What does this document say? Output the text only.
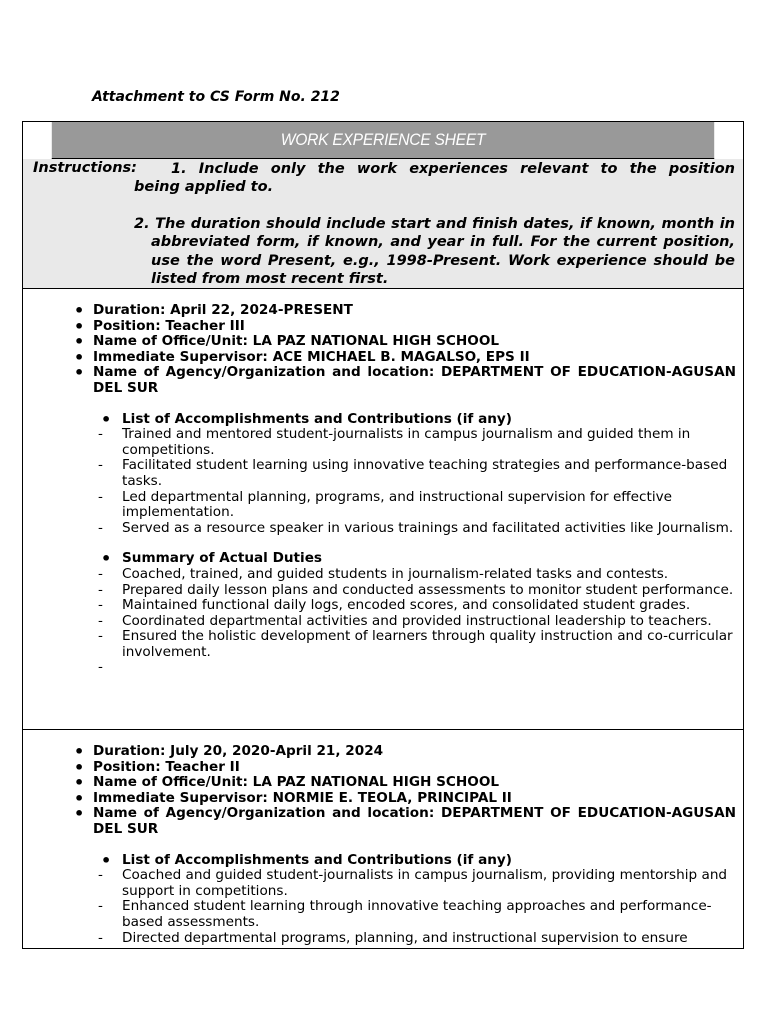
Attachment to CS Form No. 212
WORK EXPERIENCE SHEET
Instructions: 1. Include only the work experiences relevant to the position
being applied to.
2. The duration should include start and finish dates, if known, month in abbreviated form, if known, and year in full. For the current position, use the word Present, e.g., 1998-Present. Work experience should be listed from most recent first.
• Duration: April 22, 2024-PRESENT
• Position: Teacher III
• Name of Office/Unit: LA PAZ NATIONAL HIGH SCHOOL
• Immediate Supervisor: ACE MICHAEL B. MAGALSO, EPS II
• Name of Agency/Organization and location: DEPARTMENT OF EDUCATION-AGUSAN DEL SUR
• List of Accomplishments and Contributions (if any)
- Trained and mentored student-journalists in campus journalism and guided them in competitions.
- Facilitated student learning using innovative teaching strategies and performance-based tasks.
- Led departmental planning, programs, and instructional supervision for effective implementation.
- Served as a resource speaker in various trainings and facilitated activities like Journalism.
• Summary of Actual Duties
- Coached, trained, and guided students in journalism-related tasks and contests.
- Prepared daily lesson plans and conducted assessments to monitor student performance.
- Maintained functional daily logs, encoded scores, and consolidated student grades.
- Coordinated departmental activities and provided instructional leadership to teachers.
- Ensured the holistic development of learners through quality instruction and co-curricular involvement.
-
• Duration: July 20, 2020-April 21, 2024
• Position: Teacher II
• Name of Office/Unit: LA PAZ NATIONAL HIGH SCHOOL
• Immediate Supervisor: NORMIE E. TEOLA, PRINCIPAL II
• Name of Agency/Organization and location: DEPARTMENT OF EDUCATION-AGUSAN DEL SUR
• List of Accomplishments and Contributions (if any)
- Coached and guided student-journalists in campus journalism, providing mentorship and support in competitions.
- Enhanced student learning through innovative teaching approaches and performance-based assessments.
- Directed departmental programs, planning, and instructional supervision to ensure
